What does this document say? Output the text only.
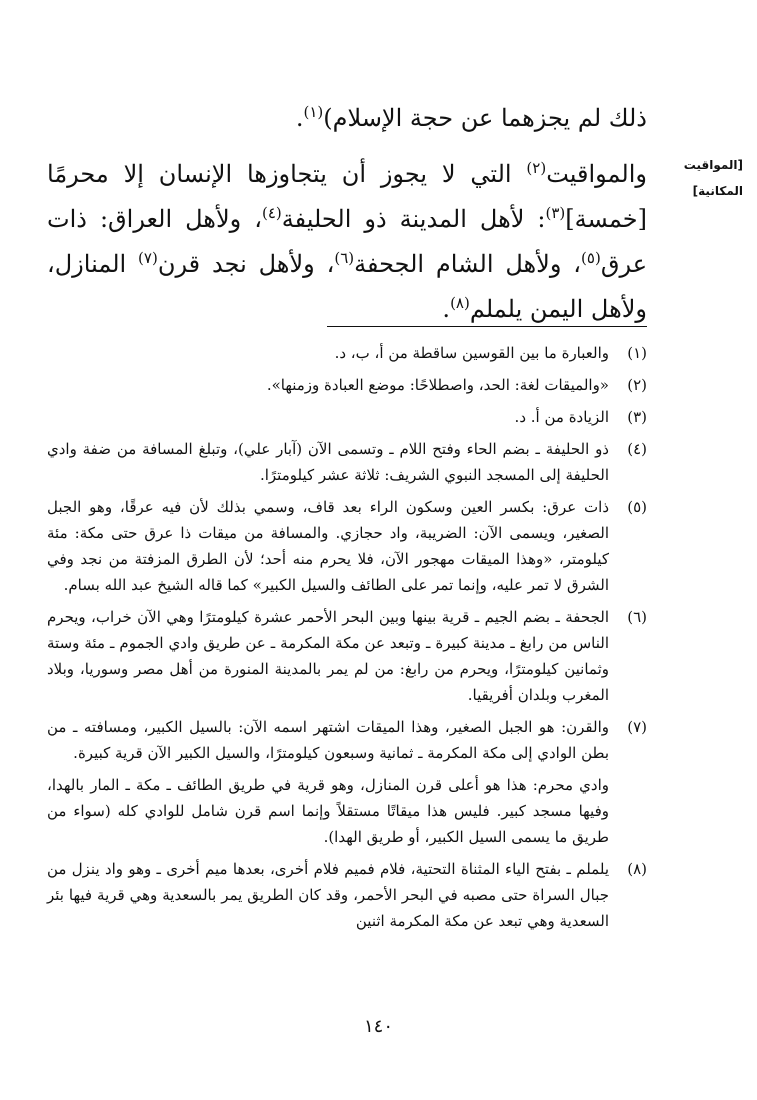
ذلك لم يجزهما عن حجة الإسلام)$^{(١)}$.
[المواقيت
المكانية]
والمواقيت$^{(٢)}$ التي لا يجوز أن يتجاوزها الإنسان إلا محرمًا [خمسة]$^{(٣)}$: لأهل المدينة ذو الحليفة$^{(٤)}$، ولأهل العراق: ذات عرق$^{(٥)}$، ولأهل الشام الجحفة$^{(٦)}$، ولأهل نجد قرن$^{(٧)}$ المنازل، ولأهل اليمن يلملم$^{(٨)}$.
(١)
والعبارة ما بين القوسين ساقطة من أ، ب، د.
(٢)
«والميقات لغة: الحد، واصطلاحًا: موضع العبادة وزمنها».
(٣)
الزيادة من أ. د.
(٤)
ذو الحليفة ـ بضم الحاء وفتح اللام ـ وتسمى الآن (آبار علي)، وتبلغ المسافة من ضفة وادي الحليفة إلى المسجد النبوي الشريف: ثلاثة عشر كيلومترًا.
(٥)
ذات عرق: بكسر العين وسكون الراء بعد قاف، وسمي بذلك لأن فيه عرقًا، وهو الجبل الصغير، ويسمى الآن: الضريبة، واد حجازي. والمسافة من ميقات ذا عرق حتى مكة: مئة كيلومتر، «وهذا الميقات مهجور الآن، فلا يحرم منه أحد؛ لأن الطرق المزفتة من نجد وفي الشرق لا تمر عليه، وإنما تمر على الطائف والسيل الكبير» كما قاله الشيخ عبد الله بسام.
(٦)
الجحفة ـ بضم الجيم ـ قرية بينها وبين البحر الأحمر عشرة كيلومترًا وهي الآن خراب، ويحرم الناس من رابغ ـ مدينة كبيرة ـ وتبعد عن مكة المكرمة ـ عن طريق وادي الجموم ـ مئة وستة وثمانين كيلومترًا، ويحرم من رابغ: من لم يمر بالمدينة المنورة من أهل مصر وسوريا، وبلاد المغرب وبلدان أفريقيا.
(٧)
والقرن: هو الجبل الصغير، وهذا الميقات اشتهر اسمه الآن: بالسيل الكبير، ومسافته ـ من بطن الوادي إلى مكة المكرمة ـ ثمانية وسبعون كيلومترًا، والسيل الكبير الآن قرية كبيرة.
وادي محرم: هذا هو أعلى قرن المنازل، وهو قرية في طريق الطائف ـ مكة ـ المار بالهدا، وفيها مسجد كبير. فليس هذا ميقاتًا مستقلاً وإنما اسم قرن شامل للوادي كله (سواء من طريق ما يسمى السيل الكبير، أو طريق الهدا).
(٨)
يلملم ـ بفتح الياء المثناة التحتية، فلام فميم فلام أخرى، بعدها ميم أخرى ـ وهو واد ينزل من جبال السراة حتى مصبه في البحر الأحمر، وقد كان الطريق يمر بالسعدية وهي قرية فيها بئر السعدية وهي تبعد عن مكة المكرمة اثنين
١٤٠
